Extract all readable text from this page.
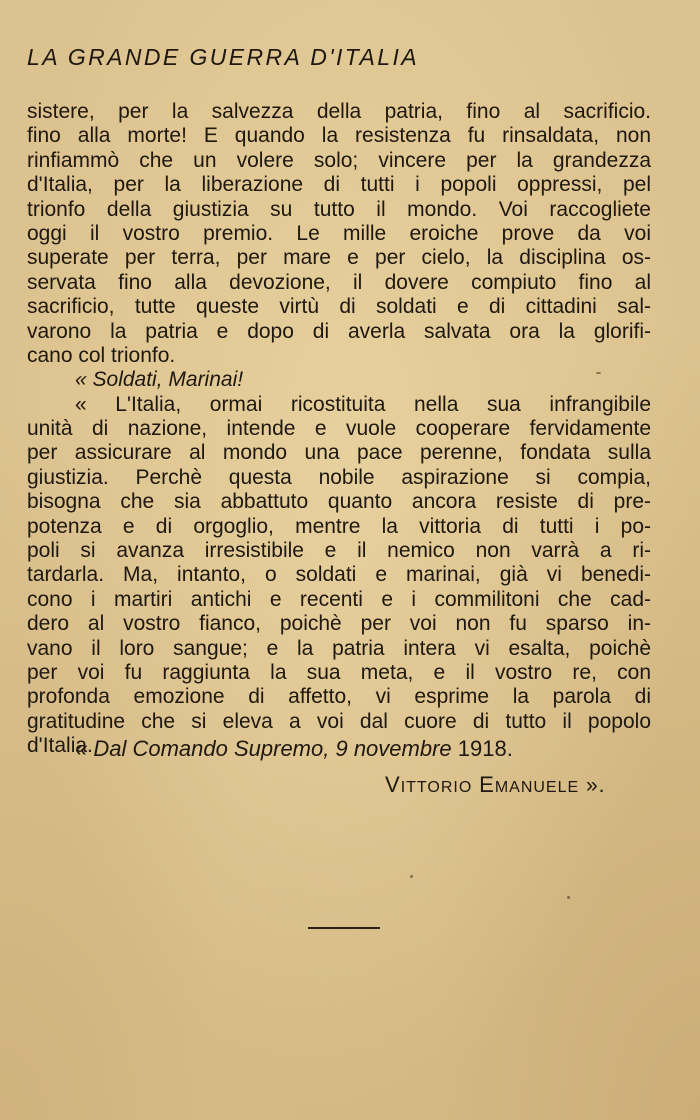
LA GRANDE GUERRA D'ITALIA
sistere, per la salvezza della patria, fino al sacrificio.
fino alla morte! E quando la resistenza fu rinsaldata, non
rinfiammò che un volere solo; vincere per la grandezza
d'Italia, per la liberazione di tutti i popoli oppressi, pel
trionfo della giustizia su tutto il mondo. Voi raccogliete
oggi il vostro premio. Le mille eroiche prove da voi
superate per terra, per mare e per cielo, la disciplina os-
servata fino alla devozione, il dovere compiuto fino al
sacrificio, tutte queste virtù di soldati e di cittadini sal-
varono la patria e dopo di averla salvata ora la glorifi-
cano col trionfo.
« Soldati, Marinai!
« L'Italia, ormai ricostituita nella sua infrangibile
unità di nazione, intende e vuole cooperare fervidamente
per assicurare al mondo una pace perenne, fondata sulla
giustizia. Perchè questa nobile aspirazione si compia,
bisogna che sia abbattuto quanto ancora resiste di pre-
potenza e di orgoglio, mentre la vittoria di tutti i po-
poli si avanza irresistibile e il nemico non varrà a ri-
tardarla. Ma, intanto, o soldati e marinai, già vi benedi-
cono i martiri antichi e recenti e i commilitoni che cad-
dero al vostro fianco, poichè per voi non fu sparso in-
vano il loro sangue; e la patria intera vi esalta, poichè
per voi fu raggiunta la sua meta, e il vostro re, con
profonda emozione di affetto, vi esprime la parola di
gratitudine che si eleva a voi dal cuore di tutto il popolo
d'Italia.
« Dal Comando Supremo, 9 novembre 1918.
VITTORIO EMANUELE ».
